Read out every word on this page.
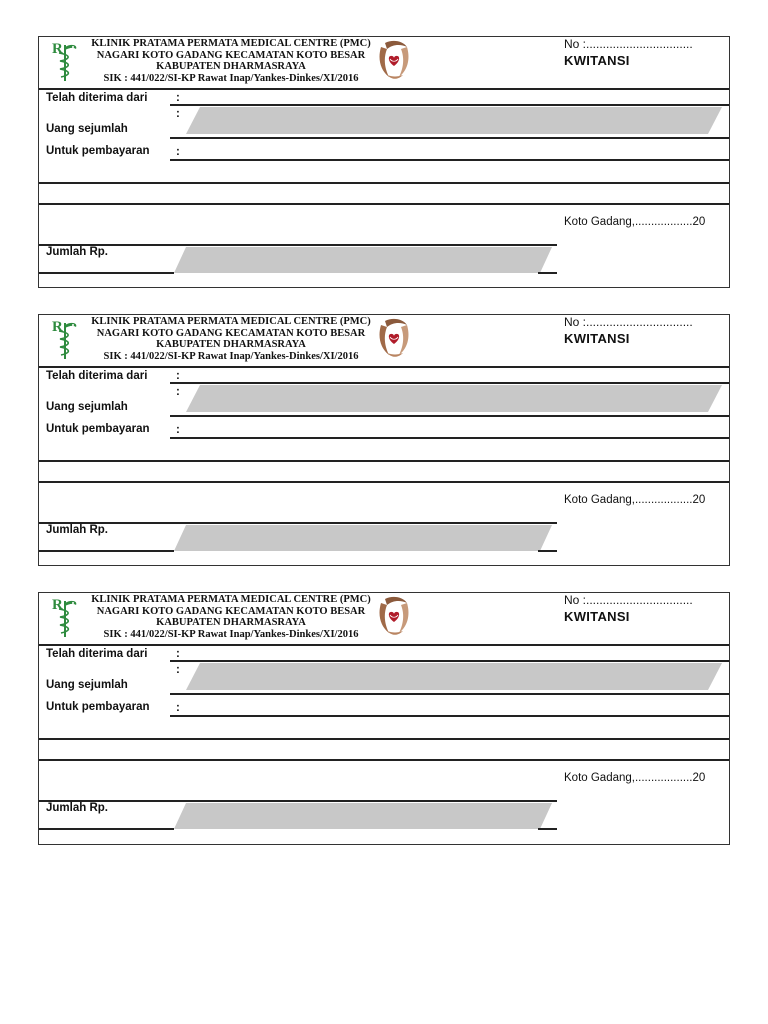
R	KLINIK PRATAMA PERMATA MEDICAL CENTRE (PMC)
NAGARI KOTO GADANG KECAMATAN KOTO BESAR
KABUPATEN DHARMASRAYA
SIK : 441/022/SI-KP Rawat Inap/Yankes-Dinkes/XI/2016
No :................................
KWITANSI
Telah diterima dari :
:
Uang sejumlah
Untuk pembayaran :
Koto Gadang,..................20
Jumlah Rp.
R	KLINIK PRATAMA PERMATA MEDICAL CENTRE (PMC)
NAGARI KOTO GADANG KECAMATAN KOTO BESAR
KABUPATEN DHARMASRAYA
SIK : 441/022/SI-KP Rawat Inap/Yankes-Dinkes/XI/2016
No :................................
KWITANSI
Telah diterima dari :
:
Uang sejumlah
Untuk pembayaran :
Koto Gadang,..................20
Jumlah Rp.
R	KLINIK PRATAMA PERMATA MEDICAL CENTRE (PMC)
NAGARI KOTO GADANG KECAMATAN KOTO BESAR
KABUPATEN DHARMASRAYA
SIK : 441/022/SI-KP Rawat Inap/Yankes-Dinkes/XI/2016
No :................................
KWITANSI
Telah diterima dari :
:
Uang sejumlah
Untuk pembayaran :
Koto Gadang,..................20
Jumlah Rp.
